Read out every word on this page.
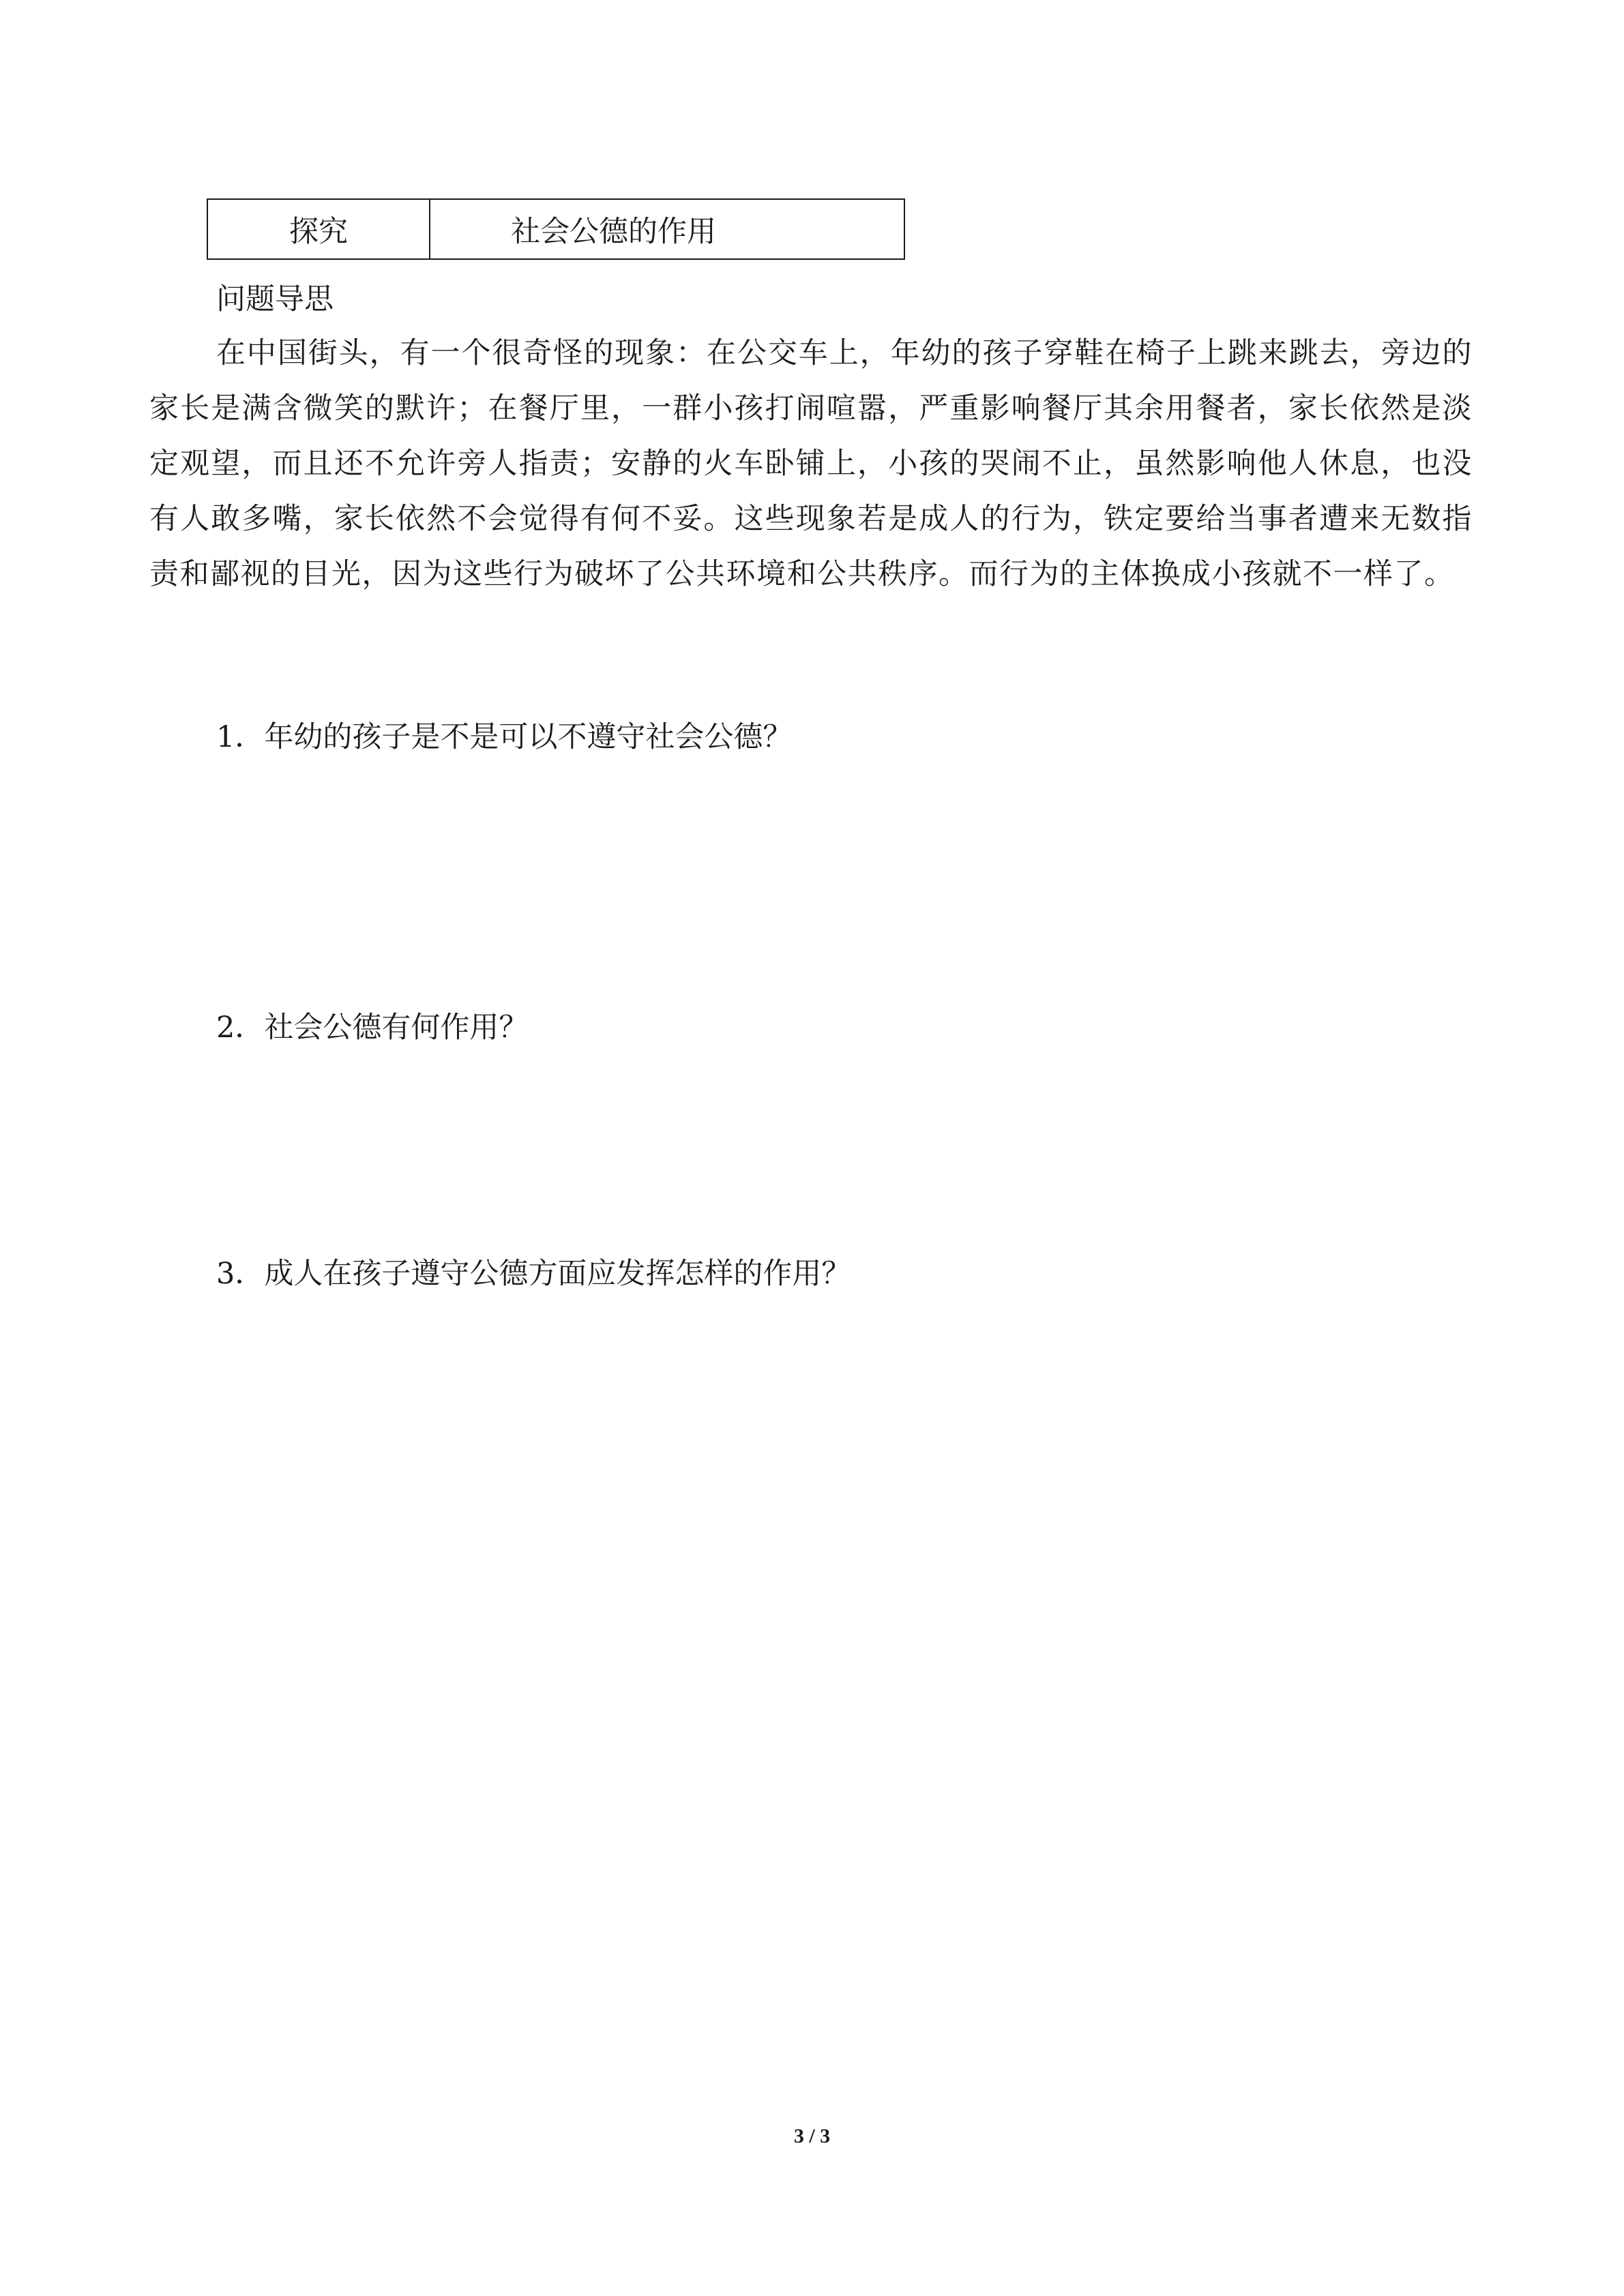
探究	社会公德的作用
问题导思
在中国街头，有一个很奇怪的现象：在公交车上，年幼的孩子穿鞋在椅子上跳来跳去，旁边的家长是满含微笑的默许；在餐厅里，一群小孩打闹喧嚣，严重影响餐厅其余用餐者，家长依然是淡定观望，而且还不允许旁人指责；安静的火车卧铺上，小孩的哭闹不止，虽然影响他人休息，也没有人敢多嘴，家长依然不会觉得有何不妥。这些现象若是成人的行为，铁定要给当事者遭来无数指责和鄙视的目光，因为这些行为破坏了公共环境和公共秩序。而行为的主体换成小孩就不一样了。
1．年幼的孩子是不是可以不遵守社会公德？
2．社会公德有何作用？
3．成人在孩子遵守公德方面应发挥怎样的作用？
3 / 3
